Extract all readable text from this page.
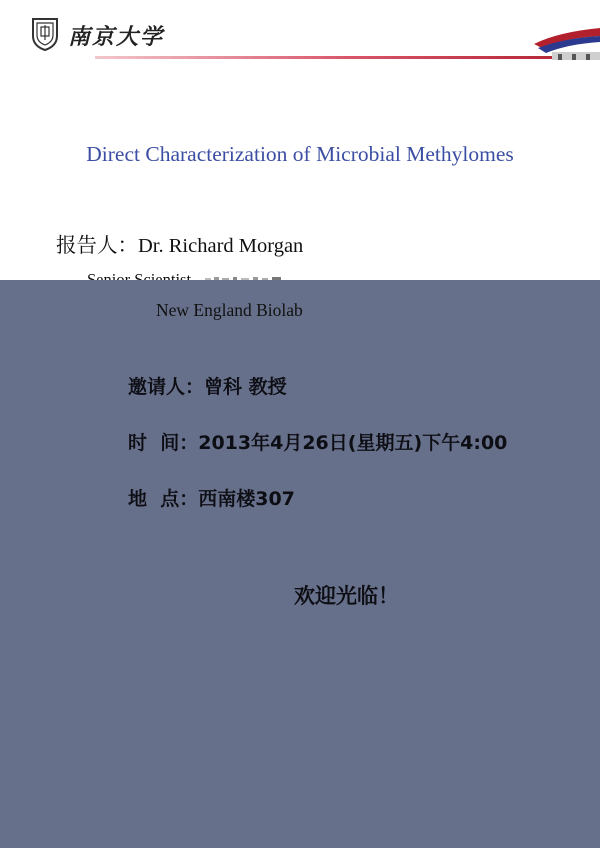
南京大学
Direct Characterization of Microbial Methylomes
报告人：Dr. Richard Morgan
New England Biolab
邀请人：曾科 教授
时  间：2013年4月26日(星期五)下午4:00
地  点：西南楼307
欢迎光临！
